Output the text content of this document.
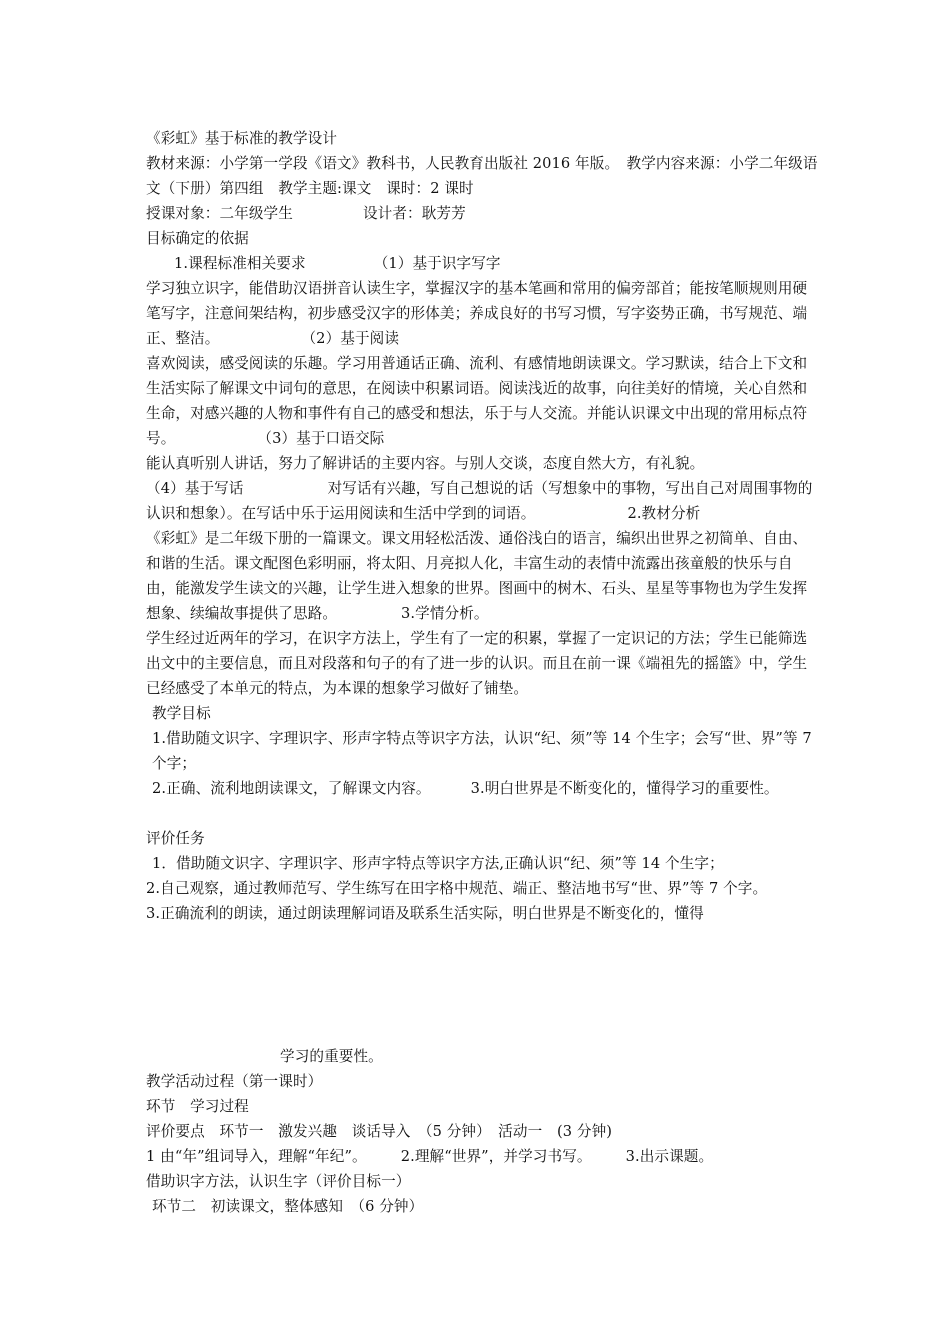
《彩虹》基于标准的教学设计

教材来源：小学第一学段《语文》教科书，人民教育出版社 2016 年版。　教学内容来源：小学二年级语文（下册）第四组　教学主题:课文　课时：2 课时

授课对象：二年级学生	设计者：耿芳芳

目标确定的依据

1.课程标准相关要求	（1）基于识字写字

学习独立识字，能借助汉语拼音认读生字，掌握汉字的基本笔画和常用的偏旁部首；能按笔顺规则用硬笔写字，注意间架结构，初步感受汉字的形体美；养成良好的书写习惯，写字姿势正确，书写规范、端正、整洁。	（2）基于阅读

喜欢阅读，感受阅读的乐趣。学习用普通话正确、流利、有感情地朗读课文。学习默读，结合上下文和生活实际了解课文中词句的意思，在阅读中积累词语。阅读浅近的故事，向往美好的情境，关心自然和生命，对感兴趣的人物和事件有自己的感受和想法，乐于与人交流。并能认识课文中出现的常用标点符号。	（3）基于口语交际

能认真听别人讲话，努力了解讲话的主要内容。与别人交谈，态度自然大方，有礼貌。

（4）基于写话	对写话有兴趣，写自己想说的话（写想象中的事物，写出自己对周围事物的认识和想象）。在写话中乐于运用阅读和生活中学到的词语。	2.教材分析

《彩虹》是二年级下册的一篇课文。课文用轻松活泼、通俗浅白的语言，编织出世界之初简单、自由、和谐的生活。课文配图色彩明丽，将太阳、月亮拟人化，丰富生动的表情中流露出孩童般的快乐与自由，能激发学生读文的兴趣，让学生进入想象的世界。图画中的树木、石头、星星等事物也为学生发挥想象、续编故事提供了思路。	3.学情分析。

学生经过近两年的学习，在识字方法上，学生有了一定的积累，掌握了一定识记的方法；学生已能筛选出文中的主要信息，而且对段落和句子的有了进一步的认识。而且在前一课《端祖先的摇篮》中，学生已经感受了本单元的特点，为本课的想象学习做好了铺垫。

教学目标

1.借助随文识字、字理识字、形声字特点等识字方法，认识“纪、须”等 14 个生字；会写“世、界”等 7 个字；

2.正确、流利地朗读课文，了解课文内容。	3.明白世界是不断变化的，懂得学习的重要性。

评价任务

1．借助随文识字、字理识字、形声字特点等识字方法,正确认识“纪、须”等 14 个生字；

2.自己观察，通过教师范写、学生练写在田字格中规范、端正、整洁地书写“世、界”等 7 个字。

3.正确流利的朗读，通过朗读理解词语及联系生活实际，明白世界是不断变化的，懂得

学习的重要性。

教学活动过程（第一课时）

环节　学习过程

评价要点　环节一　激发兴趣　谈话导入　（5 分钟）　活动一　(3 分钟)

1 由“年”组词导入，理解“年纪”。 2.理解“世界”，并学习书写。 3.出示课题。

借助识字方法，认识生字（评价目标一）

环节二　初读课文，整体感知　（6 分钟）
